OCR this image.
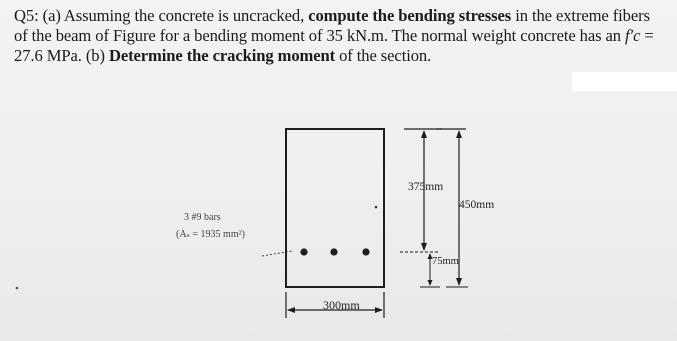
Q5: (a) Assuming the concrete is uncracked, compute the bending stresses in the extreme fibers of the beam of Figure for a bending moment of 35 kN.m. The normal weight concrete has an f′c = 27.6 MPa. (b) Determine the cracking moment of the section.
375mm
450mm
75mm
300mm
3 #9 bars
(Aₛ = 1935 mm²)
